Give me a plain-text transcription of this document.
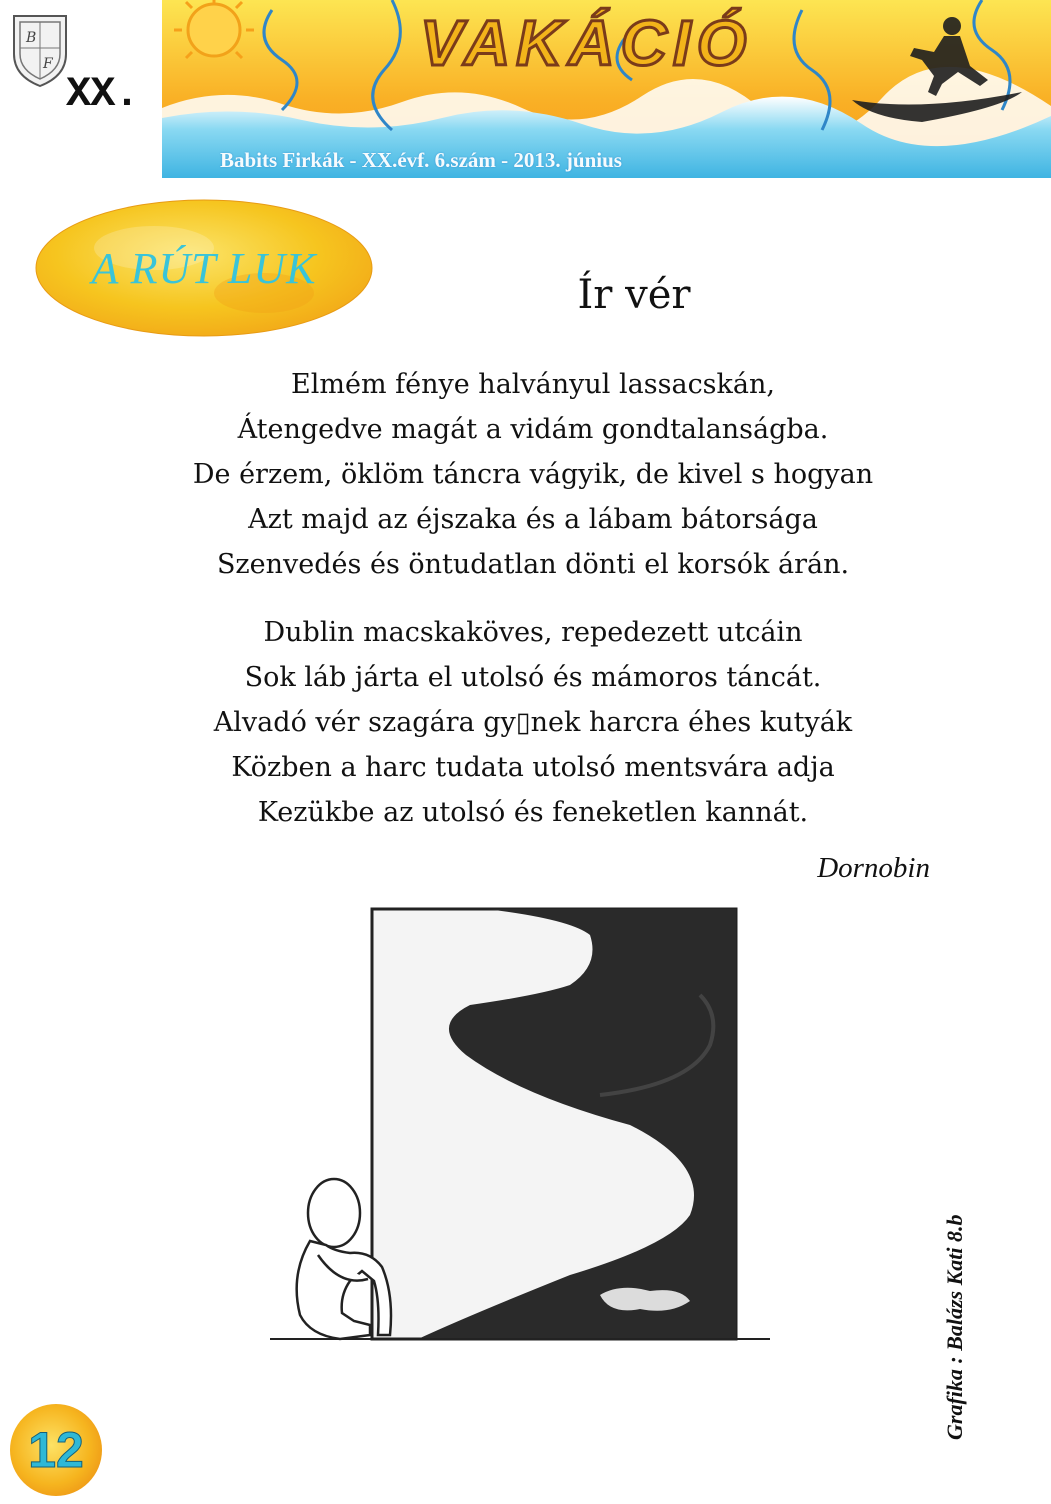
B
F
XX.
VAKÁCIÓ
Babits Firkák - XX.évf. 6.szám - 2013. június
A RÚT LUK
Ír vér
Elmém fénye halványul lassacskán,
Átengedve magát a vidám gondtalanságba.
De érzem, öklöm táncra vágyik, de kivel s hogyan
Azt majd az éjszaka és a lábam bátorsága
Szenvedés és öntudatlan dönti el korsók árán.
Dublin macskaköves, repedezett utcáin
Sok láb járta el utolsó és mámoros táncát.
Alvadó vér szagára gy▯nek harcra éhes kutyák
Közben a harc tudata utolsó mentsvára adja
Kezükbe az utolsó és feneketlen kannát.
Dornobin
Grafika : Balázs Kati 8.b
12
